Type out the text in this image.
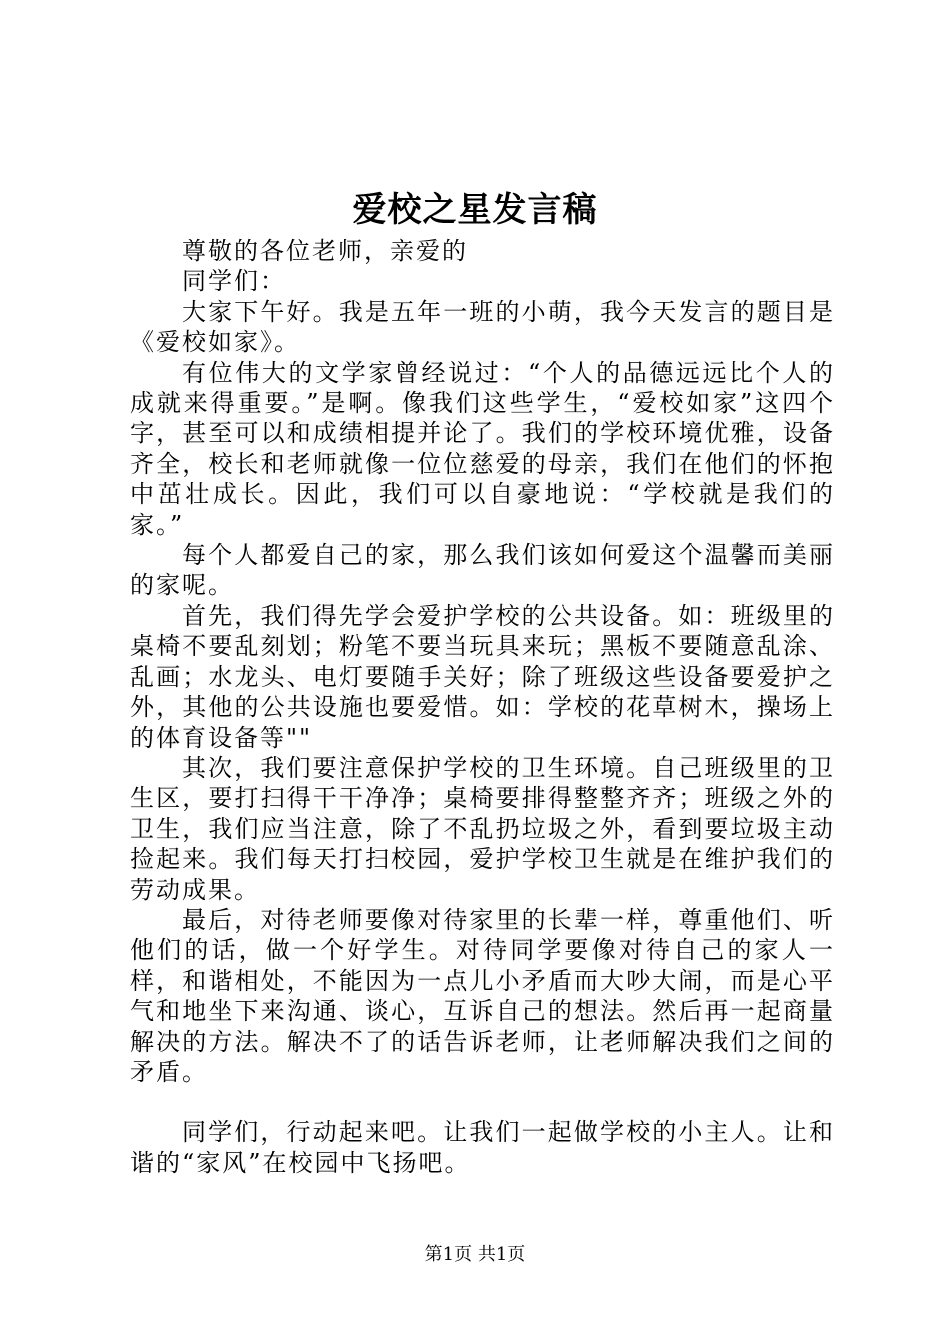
爱校之星发言稿

尊敬的各位老师，亲爱的

同学们：

大家下午好。我是五年一班的小萌，我今天发言的题目是《爱校如家》。

有位伟大的文学家曾经说过：“个人的品德远远比个人的成就来得重要。”是啊。像我们这些学生，“爱校如家”这四个字，甚至可以和成绩相提并论了。我们的学校环境优雅，设备齐全，校长和老师就像一位位慈爱的母亲，我们在他们的怀抱中茁壮成长。因此，我们可以自豪地说：“学校就是我们的家。”

每个人都爱自己的家，那么我们该如何爱这个温馨而美丽的家呢。

首先，我们得先学会爱护学校的公共设备。如：班级里的桌椅不要乱刻划；粉笔不要当玩具来玩；黑板不要随意乱涂、乱画；水龙头、电灯要随手关好；除了班级这些设备要爱护之外，其他的公共设施也要爱惜。如：学校的花草树木，操场上的体育设备等""

其次，我们要注意保护学校的卫生环境。自己班级里的卫生区，要打扫得干干净净；桌椅要排得整整齐齐；班级之外的卫生，我们应当注意，除了不乱扔垃圾之外，看到要垃圾主动捡起来。我们每天打扫校园，爱护学校卫生就是在维护我们的劳动成果。

最后，对待老师要像对待家里的长辈一样，尊重他们、听他们的话，做一个好学生。对待同学要像对待自己的家人一样，和谐相处，不能因为一点儿小矛盾而大吵大闹，而是心平气和地坐下来沟通、谈心，互诉自己的想法。然后再一起商量解决的方法。解决不了的话告诉老师，让老师解决我们之间的矛盾。

同学们，行动起来吧。让我们一起做学校的小主人。让和谐的“家风”在校园中飞扬吧。

第1页 共1页
